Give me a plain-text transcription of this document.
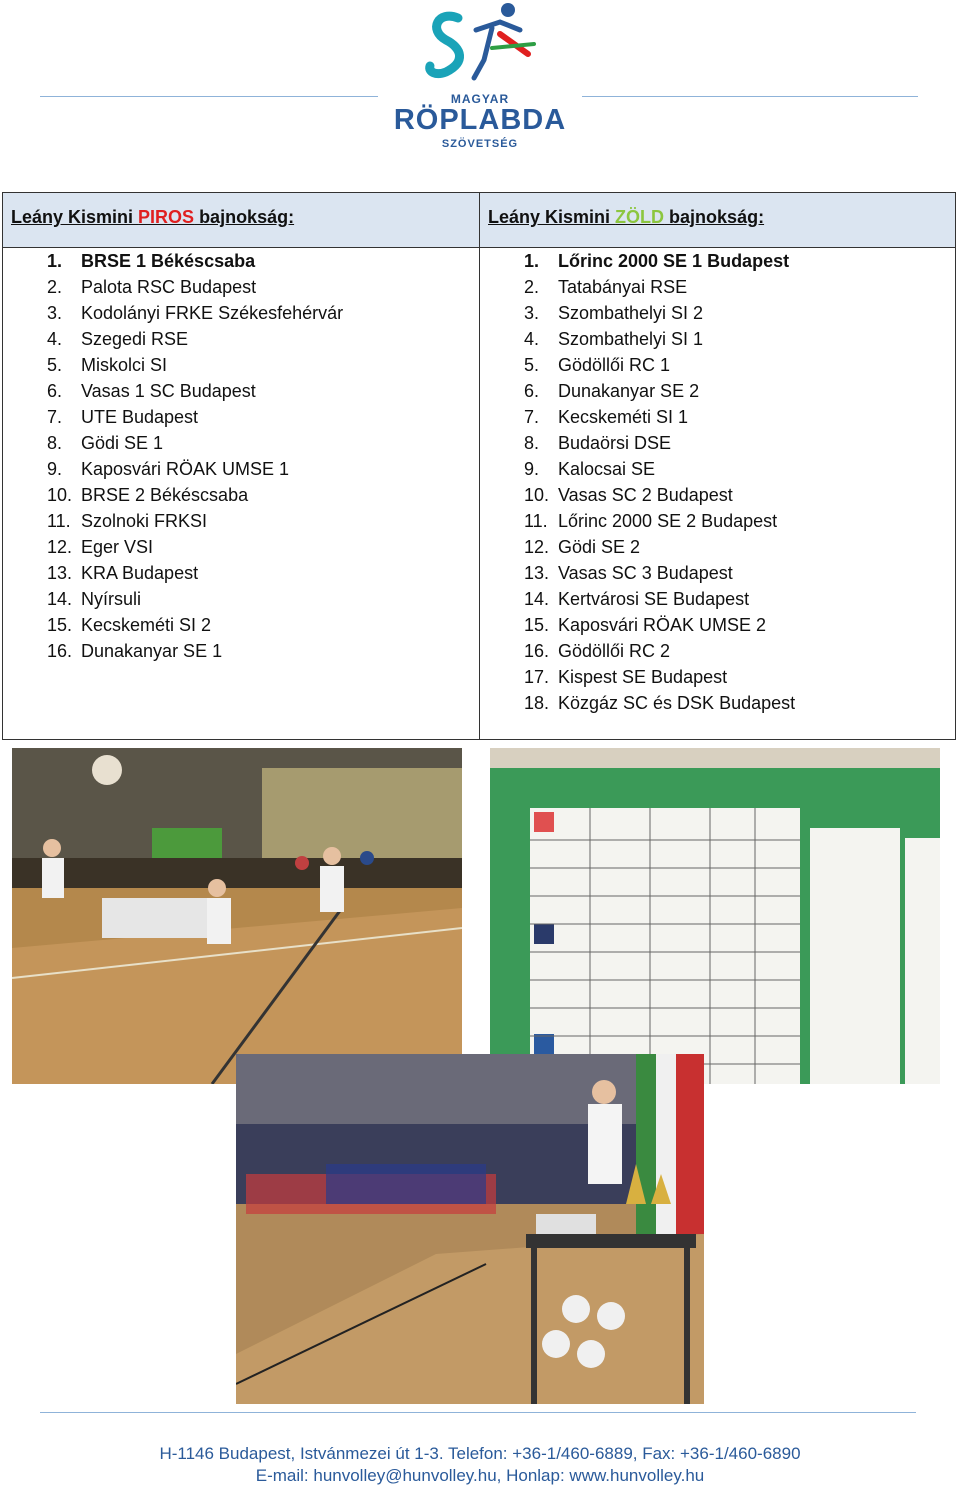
MAGYAR
RÖPLABDA
SZÖVETSÉG
Leány Kismini PIROS bajnokság:	Leány Kismini ZÖLD bajnokság:
1. BRSE 1 Békéscsaba
2. Palota RSC Budapest
3. Kodolányi FRKE Székesfehérvár
4. Szegedi RSE
5. Miskolci SI
6. Vasas 1 SC Budapest
7. UTE Budapest
8. Gödi SE 1
9. Kaposvári RÖAK UMSE 1
10. BRSE 2 Békéscsaba
11. Szolnoki FRKSI
12. Eger VSI
13. KRA Budapest
14. Nyírsuli
15. Kecskeméti SI 2
16. Dunakanyar SE 1
1. Lőrinc 2000 SE 1 Budapest
2. Tatabányai RSE
3. Szombathelyi SI 2
4. Szombathelyi SI 1
5. Gödöllői RC 1
6. Dunakanyar SE 2
7. Kecskeméti SI 1
8. Budaörsi DSE
9. Kalocsai SE
10. Vasas SC 2 Budapest
11. Lőrinc 2000 SE 2 Budapest
12. Gödi SE 2
13. Vasas SC 3 Budapest
14. Kertvárosi SE Budapest
15. Kaposvári RÖAK UMSE 2
16. Gödöllői RC 2
17. Kispest SE Budapest
18. Közgáz SC és DSK Budapest
H-1146 Budapest, Istvánmezei út 1-3. Telefon: +36-1/460-6889, Fax: +36-1/460-6890
E-mail: hunvolley@hunvolley.hu, Honlap: www.hunvolley.hu
